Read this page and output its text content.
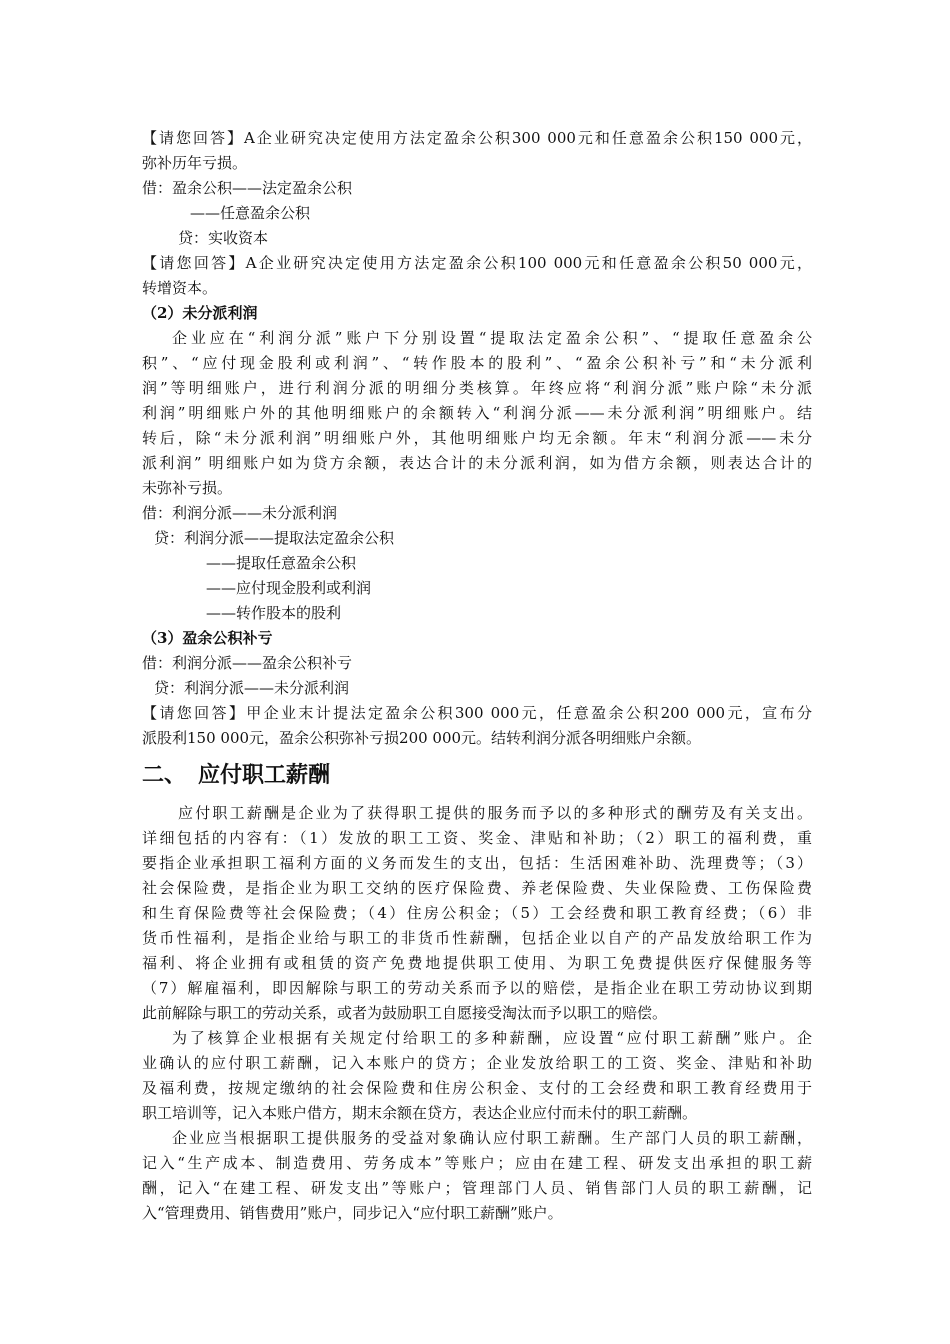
【请您回答】A企业研究决定使用方法定盈余公积300 000元和任意盈余公积150 000元，
弥补历年亏损。
借：盈余公积——法定盈余公积
——任意盈余公积
贷：实收资本
【请您回答】A企业研究决定使用方法定盈余公积100 000元和任意盈余公积50 000元，
转增资本。
（2）未分派利润
企业应在“利润分派”账户下分别设置“提取法定盈余公积”、“提取任意盈余公
积”、“应付现金股利或利润”、“转作股本的股利”、“盈余公积补亏”和“未分派利
润”等明细账户，进行利润分派的明细分类核算。年终应将“利润分派”账户除“未分派
利润”明细账户外的其他明细账户的余额转入“利润分派——未分派利润”明细账户。结
转后，除“未分派利润”明细账户外，其他明细账户均无余额。年末“利润分派——未分
派利润” 明细账户如为贷方余额，表达合计的未分派利润，如为借方余额，则表达合计的
未弥补亏损。
借：利润分派——未分派利润
贷：利润分派——提取法定盈余公积
——提取任意盈余公积
——应付现金股利或利润
——转作股本的股利
（3）盈余公积补亏
借：利润分派——盈余公积补亏
贷：利润分派——未分派利润
【请您回答】甲企业末计提法定盈余公积300 000元，任意盈余公积200 000元，宣布分
派股利150 000元，盈余公积弥补亏损200 000元。结转利润分派各明细账户余额。
二、 应付职工薪酬
应付职工薪酬是企业为了获得职工提供的服务而予以的多种形式的酬劳及有关支出。
详细包括的内容有：（1）发放的职工工资、奖金、津贴和补助；（2）职工的福利费，重
要指企业承担职工福利方面的义务而发生的支出，包括：生活困难补助、洗理费等；（3）
社会保险费，是指企业为职工交纳的医疗保险费、养老保险费、失业保险费、工伤保险费
和生育保险费等社会保险费；（4）住房公积金；（5）工会经费和职工教育经费；（6）非
货币性福利，是指企业给与职工的非货币性薪酬，包括企业以自产的产品发放给职工作为
福利、将企业拥有或租赁的资产免费地提供职工使用、为职工免费提供医疗保健服务等
（7）解雇福利，即因解除与职工的劳动关系而予以的赔偿，是指企业在职工劳动协议到期
此前解除与职工的劳动关系，或者为鼓励职工自愿接受淘汰而予以职工的赔偿。
为了核算企业根据有关规定付给职工的多种薪酬，应设置“应付职工薪酬”账户。企
业确认的应付职工薪酬，记入本账户的贷方；企业发放给职工的工资、奖金、津贴和补助
及福利费，按规定缴纳的社会保险费和住房公积金、支付的工会经费和职工教育经费用于
职工培训等，记入本账户借方，期末余额在贷方，表达企业应付而未付的职工薪酬。
企业应当根据职工提供服务的受益对象确认应付职工薪酬。生产部门人员的职工薪酬，
记入“生产成本、制造费用、劳务成本”等账户；应由在建工程、研发支出承担的职工薪
酬，记入“在建工程、研发支出”等账户；管理部门人员、销售部门人员的职工薪酬，记
入“管理费用、销售费用”账户，同步记入“应付职工薪酬”账户。
